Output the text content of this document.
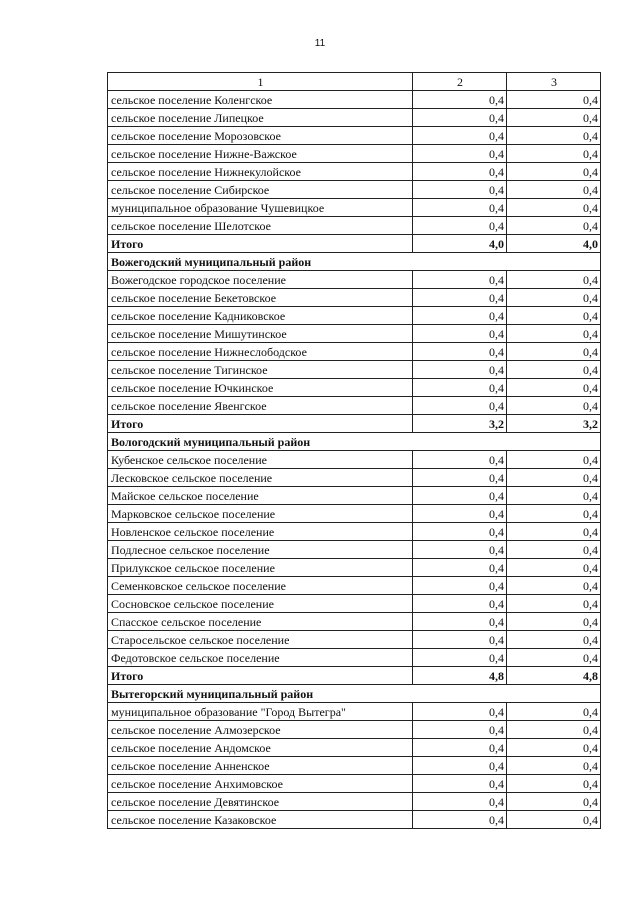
11
1	2	3
сельское поселение Коленгское	0,4	0,4
сельское поселение Липецкое	0,4	0,4
сельское поселение Морозовское	0,4	0,4
сельское поселение Нижне-Важское	0,4	0,4
сельское поселение Нижнекулойское	0,4	0,4
сельское поселение Сибирское	0,4	0,4
муниципальное образование Чушевицкое	0,4	0,4
сельское поселение Шелотское	0,4	0,4
Итого	4,0	4,0
Вожегодский муниципальный район		
Вожегодское городское поселение	0,4	0,4
сельское поселение Бекетовское	0,4	0,4
сельское поселение Кадниковское	0,4	0,4
сельское поселение Мишутинское	0,4	0,4
сельское поселение Нижнеслободское	0,4	0,4
сельское поселение Тигинское	0,4	0,4
сельское поселение Ючкинское	0,4	0,4
сельское поселение Явенгское	0,4	0,4
Итого	3,2	3,2
Вологодский муниципальный район		
Кубенское сельское поселение	0,4	0,4
Лесковское сельское поселение	0,4	0,4
Майское сельское поселение	0,4	0,4
Марковское сельское поселение	0,4	0,4
Новленское сельское поселение	0,4	0,4
Подлесное сельское поселение	0,4	0,4
Прилукское сельское поселение	0,4	0,4
Семенковское сельское поселение	0,4	0,4
Сосновское сельское поселение	0,4	0,4
Спасское сельское поселение	0,4	0,4
Старосельское сельское поселение	0,4	0,4
Федотовское сельское поселение	0,4	0,4
Итого	4,8	4,8
Вытегорский муниципальный район		
муниципальное образование "Город Вытегра"	0,4	0,4
сельское поселение Алмозерское	0,4	0,4
сельское поселение Андомское	0,4	0,4
сельское поселение Анненское	0,4	0,4
сельское поселение Анхимовское	0,4	0,4
сельское поселение Девятинское	0,4	0,4
сельское поселение Казаковское	0,4	0,4
